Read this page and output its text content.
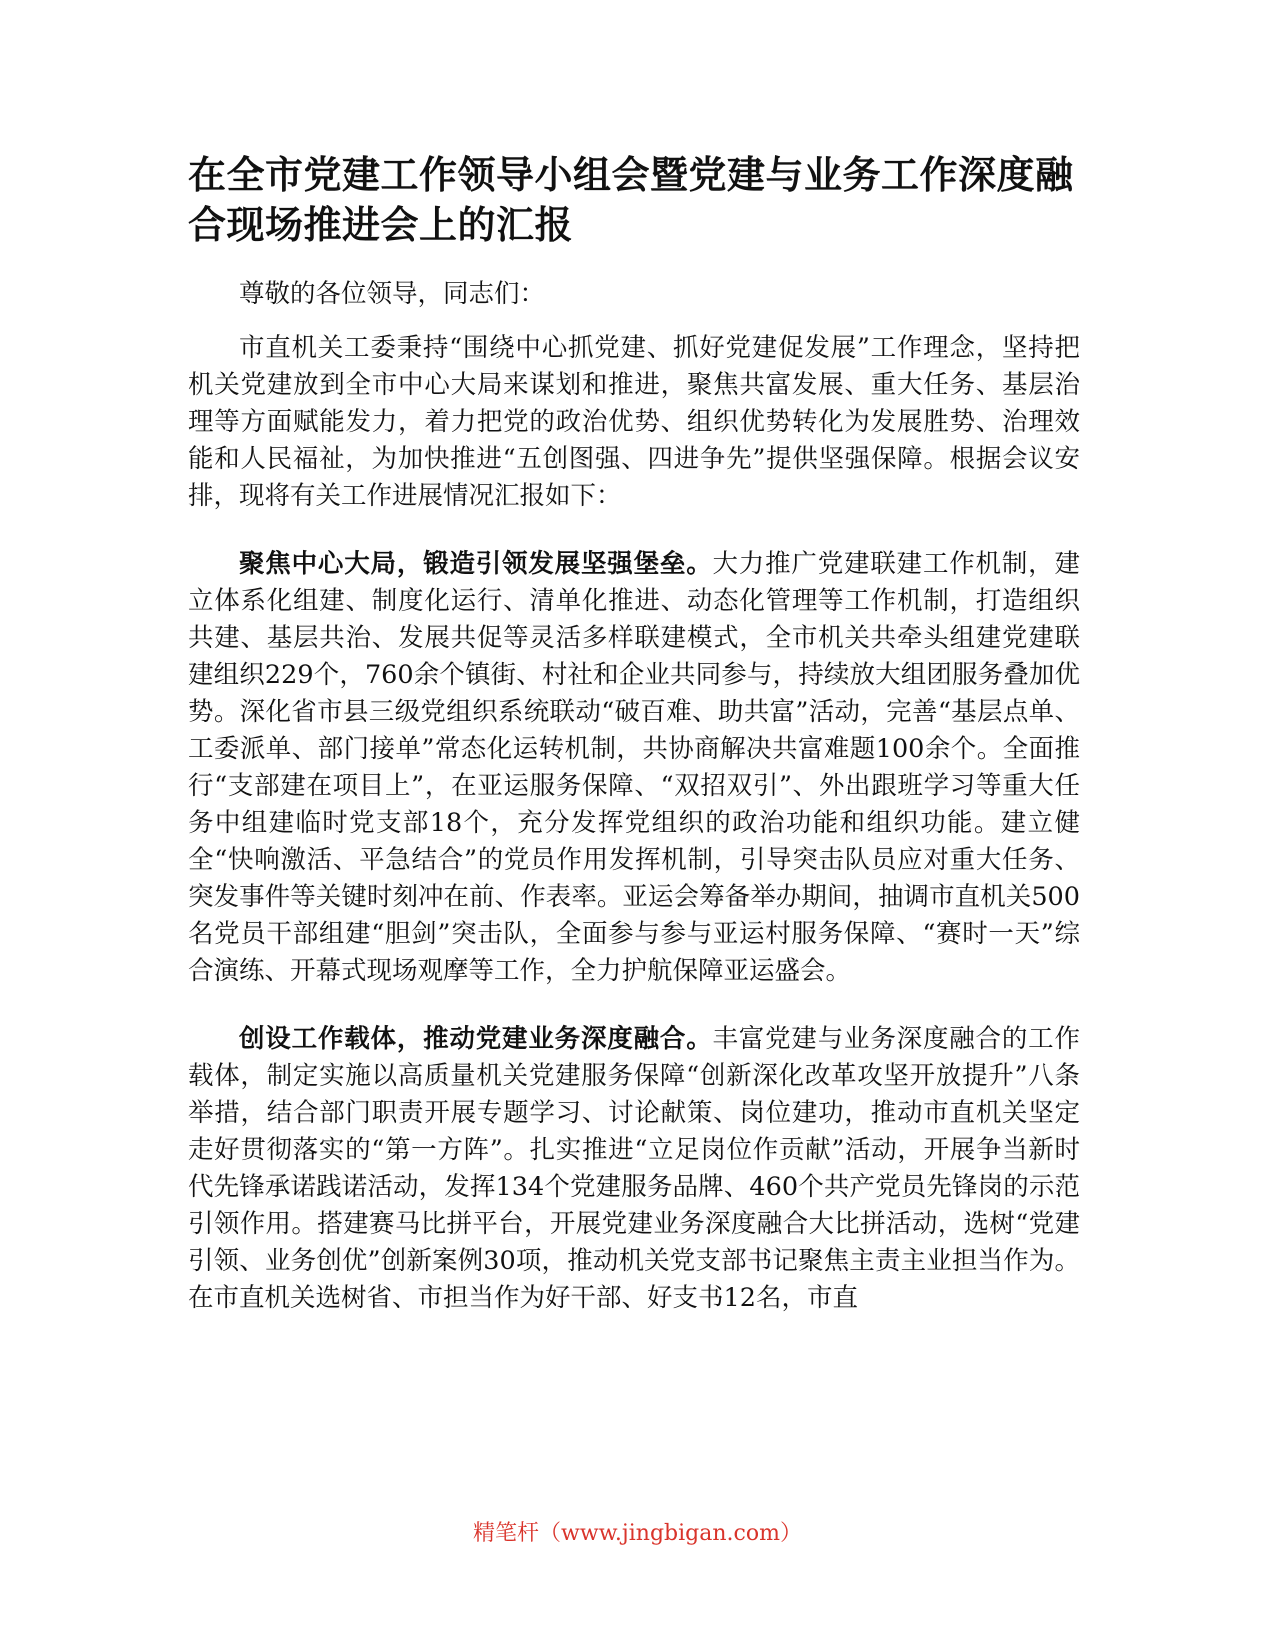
在全市党建工作领导小组会暨党建与业务工作深度融合现场推进会上的汇报

尊敬的各位领导，同志们：

市直机关工委秉持“围绕中心抓党建、抓好党建促发展”工作理念，坚持把机关党建放到全市中心大局来谋划和推进，聚焦共富发展、重大任务、基层治理等方面赋能发力，着力把党的政治优势、组织优势转化为发展胜势、治理效能和人民福祉，为加快推进“五创图强、四进争先”提供坚强保障。根据会议安排，现将有关工作进展情况汇报如下：

聚焦中心大局，锻造引领发展坚强堡垒。大力推广党建联建工作机制，建立体系化组建、制度化运行、清单化推进、动态化管理等工作机制，打造组织共建、基层共治、发展共促等灵活多样联建模式，全市机关共牵头组建党建联建组织229个，760余个镇街、村社和企业共同参与，持续放大组团服务叠加优势。深化省市县三级党组织系统联动“破百难、助共富”活动，完善“基层点单、工委派单、部门接单”常态化运转机制，共协商解决共富难题100余个。全面推行“支部建在项目上”，在亚运服务保障、“双招双引”、外出跟班学习等重大任务中组建临时党支部18个，充分发挥党组织的政治功能和组织功能。建立健全“快响激活、平急结合”的党员作用发挥机制，引导突击队员应对重大任务、突发事件等关键时刻冲在前、作表率。亚运会筹备举办期间，抽调市直机关500名党员干部组建“胆剑”突击队，全面参与参与亚运村服务保障、“赛时一天”综合演练、开幕式现场观摩等工作，全力护航保障亚运盛会。

创设工作载体，推动党建业务深度融合。丰富党建与业务深度融合的工作载体，制定实施以高质量机关党建服务保障“创新深化改革攻坚开放提升”八条举措，结合部门职责开展专题学习、讨论献策、岗位建功，推动市直机关坚定走好贯彻落实的“第一方阵”。扎实推进“立足岗位作贡献”活动，开展争当新时代先锋承诺践诺活动，发挥134个党建服务品牌、460个共产党员先锋岗的示范引领作用。搭建赛马比拼平台，开展党建业务深度融合大比拼活动，选树“党建引领、业务创优”创新案例30项，推动机关党支部书记聚焦主责主业担当作为。在市直机关选树省、市担当作为好干部、好支书12名，市直

精笔杆（www.jingbigan.com）
